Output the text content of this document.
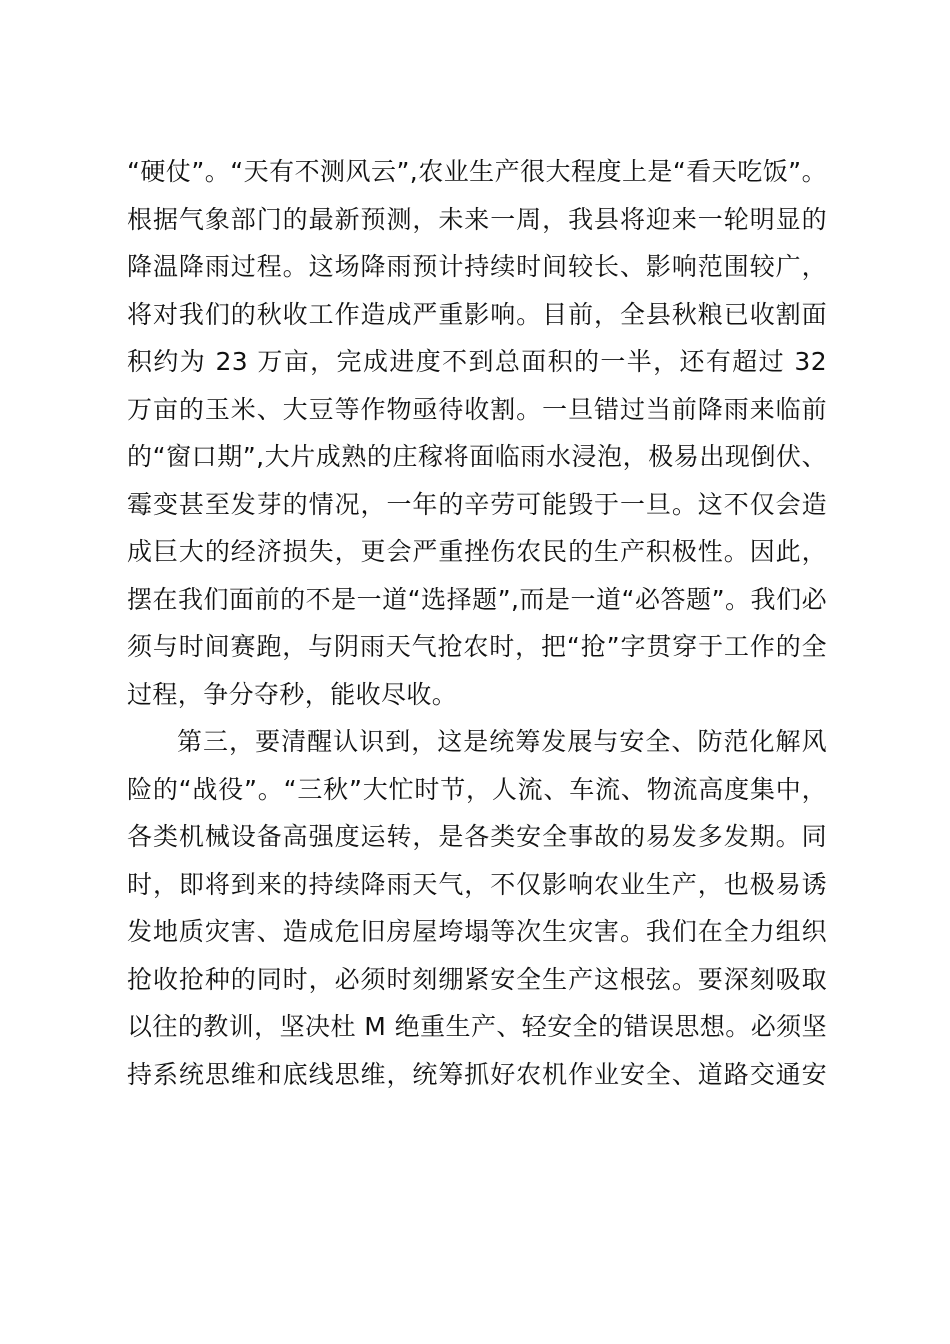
“硬仗”。“天有不测风云”,农业生产很大程度上是“看天吃饭”。
根据气象部门的最新预测，未来一周，我县将迎来一轮明显的
降温降雨过程。这场降雨预计持续时间较长、影响范围较广，
将对我们的秋收工作造成严重影响。目前，全县秋粮已收割面
积约为 23 万亩，完成进度不到总面积的一半，还有超过 32
万亩的玉米、大豆等作物亟待收割。一旦错过当前降雨来临前
的“窗口期”,大片成熟的庄稼将面临雨水浸泡，极易出现倒伏、
霉变甚至发芽的情况，一年的辛劳可能毁于一旦。这不仅会造
成巨大的经济损失，更会严重挫伤农民的生产积极性。因此，
摆在我们面前的不是一道“选择题”,而是一道“必答题”。我们必
须与时间赛跑，与阴雨天气抢农时，把“抢”字贯穿于工作的全
过程，争分夺秒，能收尽收。
第三，要清醒认识到，这是统筹发展与安全、防范化解风
险的“战役”。“三秋”大忙时节，人流、车流、物流高度集中，
各类机械设备高强度运转，是各类安全事故的易发多发期。同
时，即将到来的持续降雨天气，不仅影响农业生产，也极易诱
发地质灾害、造成危旧房屋垮塌等次生灾害。我们在全力组织
抢收抢种的同时，必须时刻绷紧安全生产这根弦。要深刻吸取
以往的教训，坚决杜 M 绝重生产、轻安全的错误思想。必须坚
持系统思维和底线思维，统筹抓好农机作业安全、道路交通安
